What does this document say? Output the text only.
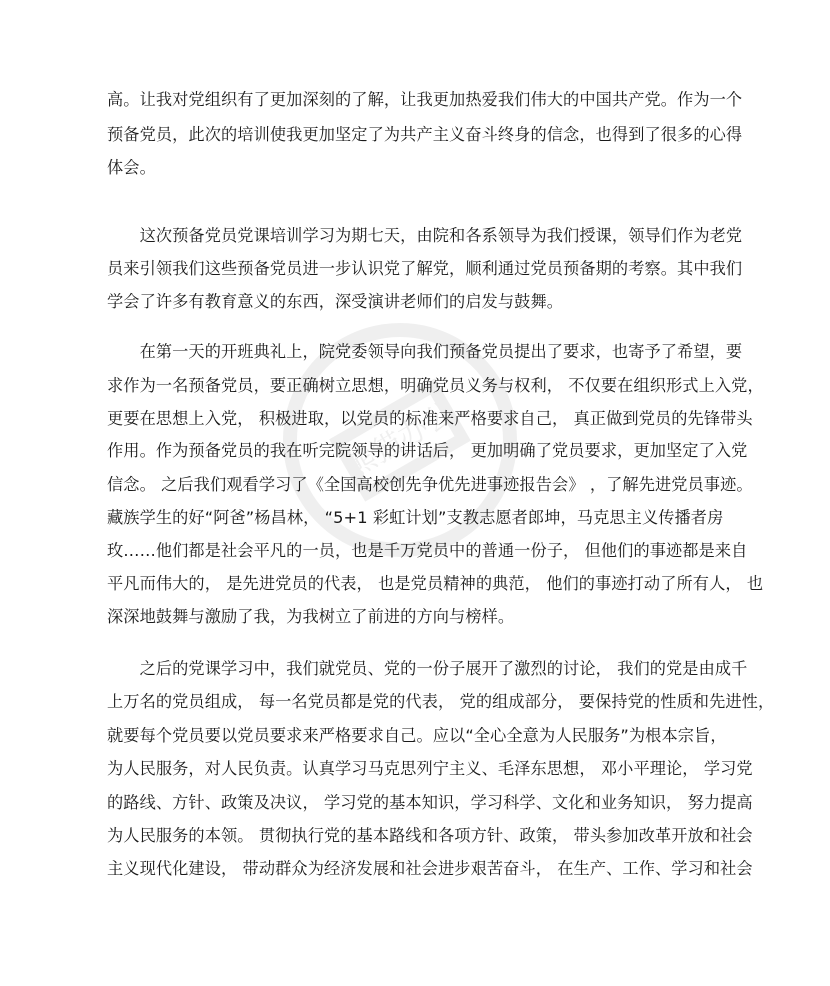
熊猫办公
高。让我对党组织有了更加深刻的了解，让我更加热爱我们伟大的中国共产党。作为一个
预备党员，此次的培训使我更加坚定了为共产主义奋斗终身的信念，也得到了很多的心得
体会。
　　这次预备党员党课培训学习为期七天，由院和各系领导为我们授课，领导们作为老党
员来引领我们这些预备党员进一步认识党了解党，顺利通过党员预备期的考察。其中我们
学会了许多有教育意义的东西，深受演讲老师们的启发与鼓舞。
　　在第一天的开班典礼上，院党委领导向我们预备党员提出了要求，也寄予了希望，要
求作为一名预备党员，要正确树立思想，明确党员义务与权利， 不仅要在组织形式上入党，
更要在思想上入党， 积极进取，以党员的标准来严格要求自己， 真正做到党员的先锋带头
作用。作为预备党员的我在听完院领导的讲话后， 更加明确了党员要求，更加坚定了入党
信念。 之后我们观看学习了《全国高校创先争优先进事迹报告会》 ，了解先进党员事迹。
藏族学生的好“阿爸”杨昌林， “5+1 彩虹计划”支教志愿者郎坤，马克思主义传播者房
玫……他们都是社会平凡的一员，也是千万党员中的普通一份子， 但他们的事迹都是来自
平凡而伟大的， 是先进党员的代表， 也是党员精神的典范， 他们的事迹打动了所有人， 也
深深地鼓舞与激励了我，为我树立了前进的方向与榜样。
　　之后的党课学习中，我们就党员、党的一份子展开了激烈的讨论， 我们的党是由成千
上万名的党员组成， 每一名党员都是党的代表， 党的组成部分， 要保持党的性质和先进性，
就要每个党员要以党员要求来严格要求自己。应以“全心全意为人民服务”为根本宗旨，
为人民服务，对人民负责。认真学习马克思列宁主义、毛泽东思想， 邓小平理论， 学习党
的路线、方针、政策及决议， 学习党的基本知识，学习科学、文化和业务知识， 努力提高
为人民服务的本领。 贯彻执行党的基本路线和各项方针、政策， 带头参加改革开放和社会
主义现代化建设， 带动群众为经济发展和社会进步艰苦奋斗， 在生产、工作、学习和社会
